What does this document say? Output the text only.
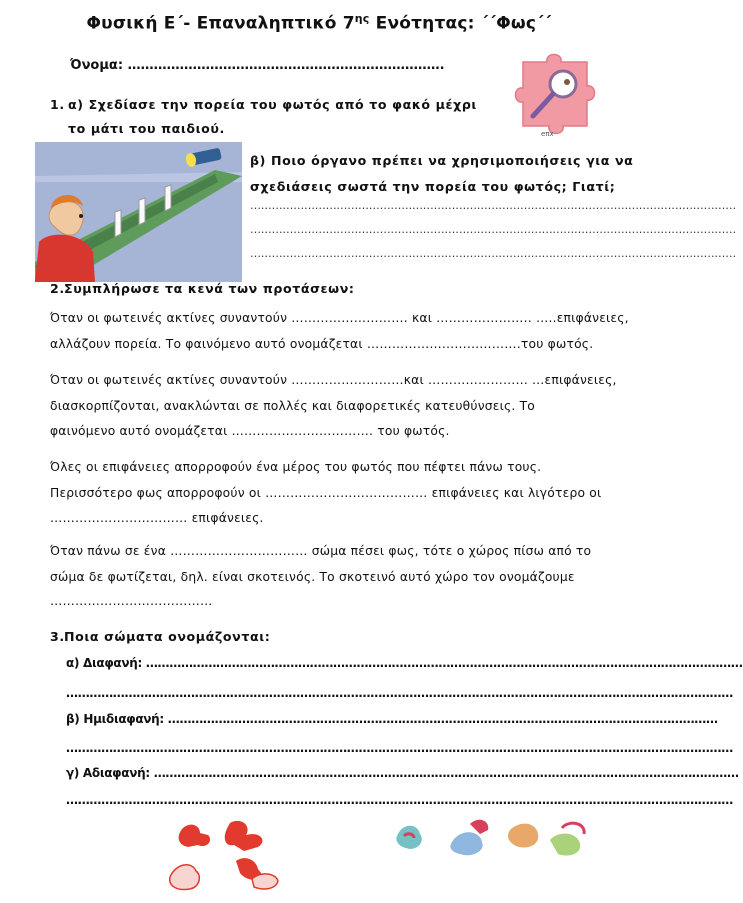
Φυσική Ε΄- Επαναληπτικό $7^{\eta\varsigma}$ Ενότητας: ΄΄Φως΄΄
Όνομα: ……………………………………………………………….
eπx
1. α) Σχεδίασε την πορεία του φωτός από το φακό μέχρι
το μάτι του παιδιού.
β) Ποιο όργανο πρέπει να χρησιμοποιήσεις για να
σχεδιάσεις σωστά την πορεία του φωτός; Γιατί;
………………………………………………………………………………………………………………………
………………………………………………………………………………………………………………………
………………………………………………………………………………………………………………………
2. Συμπλήρωσε τα κενά των προτάσεων:
Όταν οι φωτεινές ακτίνες συναντούν ………………………. και ………………….. …..επιφάνειες,
αλλάζουν πορεία. Το φαινόμενο αυτό ονομάζεται ……………………………….του φωτός.
Όταν οι φωτεινές ακτίνες συναντούν ………………………και …………………… …επιφάνειες,
διασκορπίζονται, ανακλώνται σε πολλές και διαφορετικές κατευθύνσεις. Το
φαινόμενο αυτό ονομάζεται ……………………………. του φωτός.
Όλες οι επιφάνειες απορροφούν ένα μέρος του φωτός που πέφτει πάνω τους.
Περισσότερο φως απορροφούν οι ………………………………… επιφάνειες και λιγότερο οι
…………………………… επιφάνειες.
Όταν πάνω σε ένα …………………………… σώμα πέσει φως, τότε ο χώρος πίσω από το
σώμα δε φωτίζεται, δηλ. είναι σκοτεινός. Το σκοτεινό αυτό χώρο τον ονομάζουμε
…………………………………
3. Ποια σώματα ονομάζονται:
α) Διαφανή: ………………………………………………………………………………………………………………………………………
………………………………………………………………………………………………………………………………………………………
β) Ημιδιαφανή: ……………………………………………………………………………………………………………………………
………………………………………………………………………………………………………………………………………………………
γ) Αδιαφανή: ……………………………………………………………………………………………………………………………………
………………………………………………………………………………………………………………………………………………………
